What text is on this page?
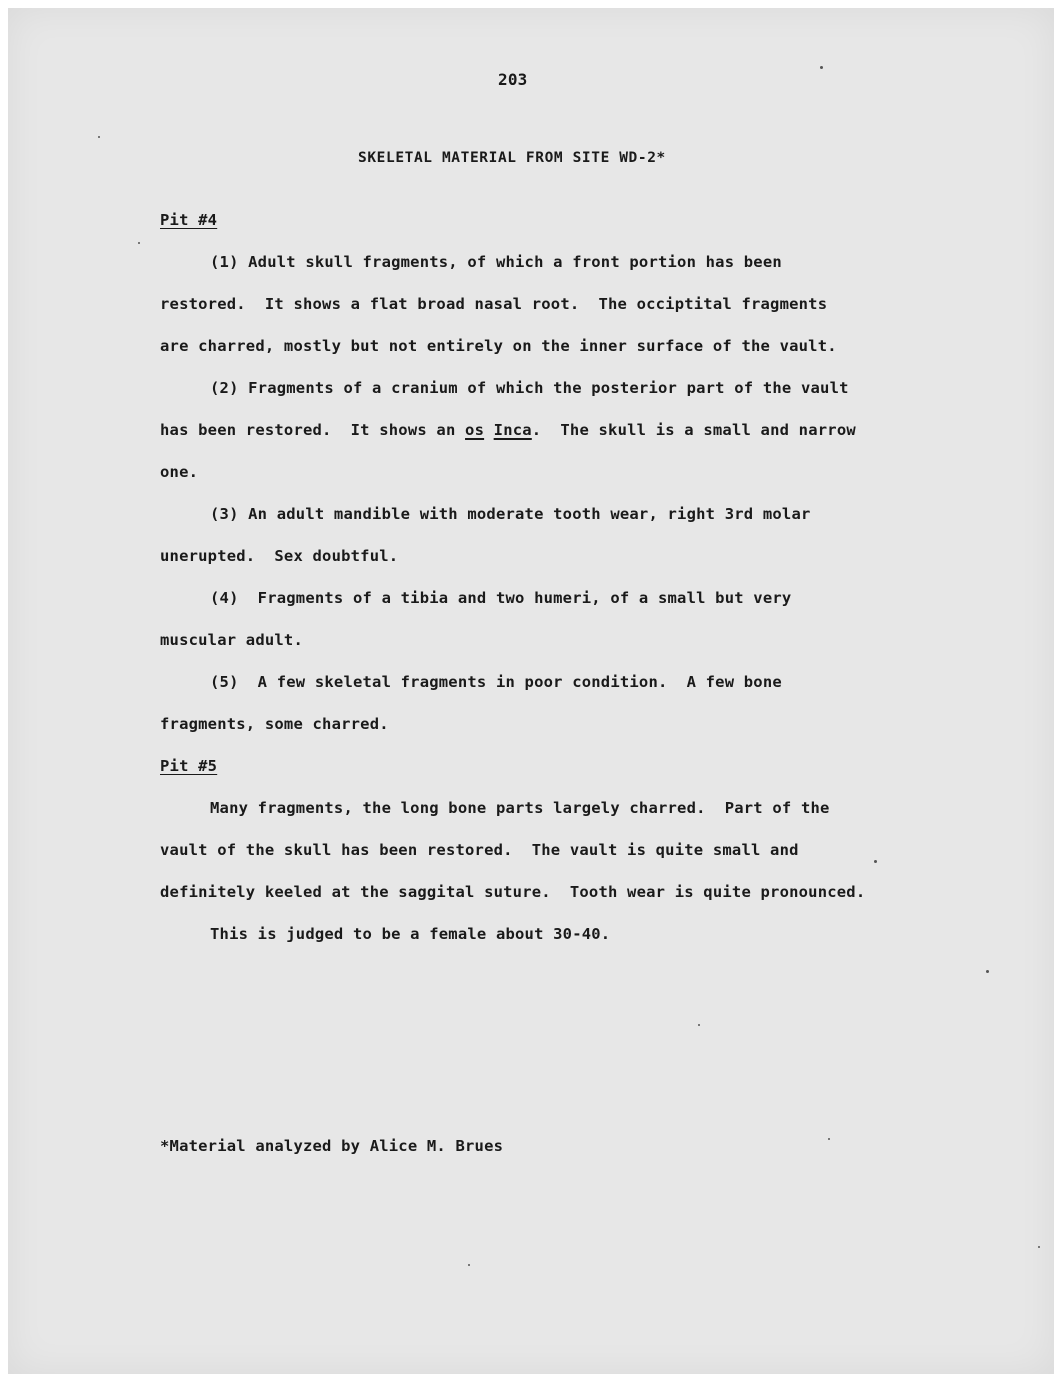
203
SKELETAL MATERIAL FROM SITE WD-2*
Pit #4
(1) Adult skull fragments, of which a front portion has been
restored.  It shows a flat broad nasal root.  The occiptital fragments
are charred, mostly but not entirely on the inner surface of the vault.
(2) Fragments of a cranium of which the posterior part of the vault
has been restored.  It shows an os Inca.  The skull is a small and narrow
one.
(3) An adult mandible with moderate tooth wear, right 3rd molar
unerupted.  Sex doubtful.
(4)  Fragments of a tibia and two humeri, of a small but very
muscular adult.
(5)  A few skeletal fragments in poor condition.  A few bone
fragments, some charred.
Pit #5
Many fragments, the long bone parts largely charred.  Part of the
vault of the skull has been restored.  The vault is quite small and
definitely keeled at the saggital suture.  Tooth wear is quite pronounced.
This is judged to be a female about 30-40.
*Material analyzed by Alice M. Brues
